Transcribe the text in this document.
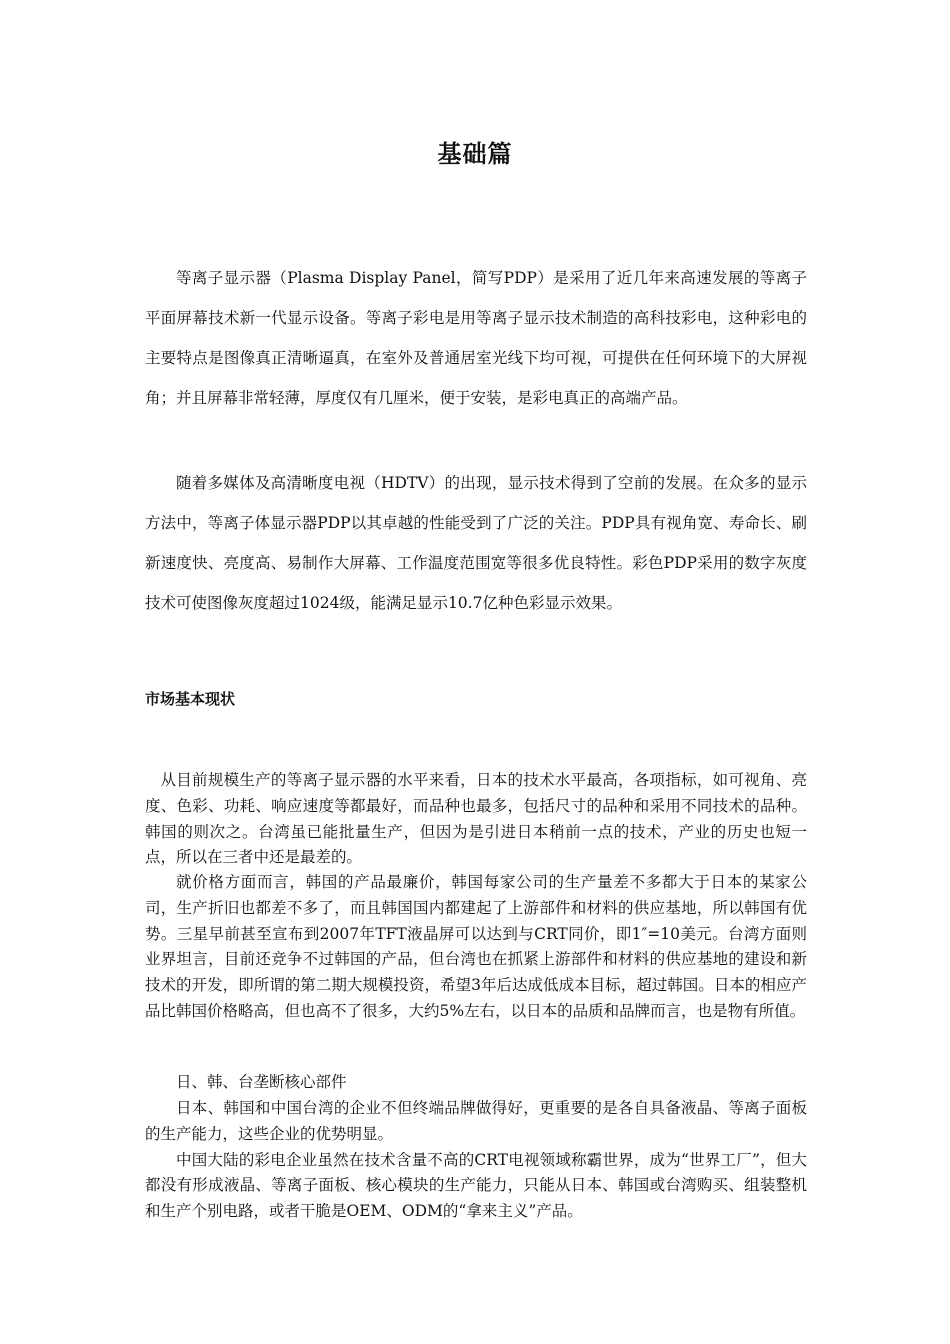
基础篇

等离子显示器（Plasma Display Panel，简写PDP）是采用了近几年来高速发展的等离子平面屏幕技术新一代显示设备。等离子彩电是用等离子显示技术制造的高科技彩电，这种彩电的主要特点是图像真正清晰逼真，在室外及普通居室光线下均可视，可提供在任何环境下的大屏视角；并且屏幕非常轻薄，厚度仅有几厘米，便于安装，是彩电真正的高端产品。

随着多媒体及高清晰度电视（HDTV）的出现，显示技术得到了空前的发展。在众多的显示方法中，等离子体显示器PDP以其卓越的性能受到了广泛的关注。PDP具有视角宽、寿命长、刷新速度快、亮度高、易制作大屏幕、工作温度范围宽等很多优良特性。彩色PDP采用的数字灰度技术可使图像灰度超过1024级，能满足显示10.7亿种色彩显示效果。

市场基本现状

从目前规模生产的等离子显示器的水平来看，日本的技术水平最高，各项指标，如可视角、亮度、色彩、功耗、响应速度等都最好，而品种也最多，包括尺寸的品种和采用不同技术的品种。韩国的则次之。台湾虽已能批量生产，但因为是引进日本稍前一点的技术，产业的历史也短一点，所以在三者中还是最差的。

就价格方面而言，韩国的产品最廉价，韩国每家公司的生产量差不多都大于日本的某家公司，生产折旧也都差不多了，而且韩国国内都建起了上游部件和材料的供应基地，所以韩国有优势。三星早前甚至宣布到2007年TFT液晶屏可以达到与CRT同价，即1″=10美元。台湾方面则业界坦言，目前还竞争不过韩国的产品，但台湾也在抓紧上游部件和材料的供应基地的建设和新技术的开发，即所谓的第二期大规模投资，希望3年后达成低成本目标，超过韩国。日本的相应产品比韩国价格略高，但也高不了很多，大约5%左右，以日本的品质和品牌而言，也是物有所值。

日、韩、台垄断核心部件

日本、韩国和中国台湾的企业不但终端品牌做得好，更重要的是各自具备液晶、等离子面板的生产能力，这些企业的优势明显。

中国大陆的彩电企业虽然在技术含量不高的CRT电视领域称霸世界，成为“世界工厂”，但大都没有形成液晶、等离子面板、核心模块的生产能力，只能从日本、韩国或台湾购买、组装整机和生产个别电路，或者干脆是OEM、ODM的“拿来主义”产品。
